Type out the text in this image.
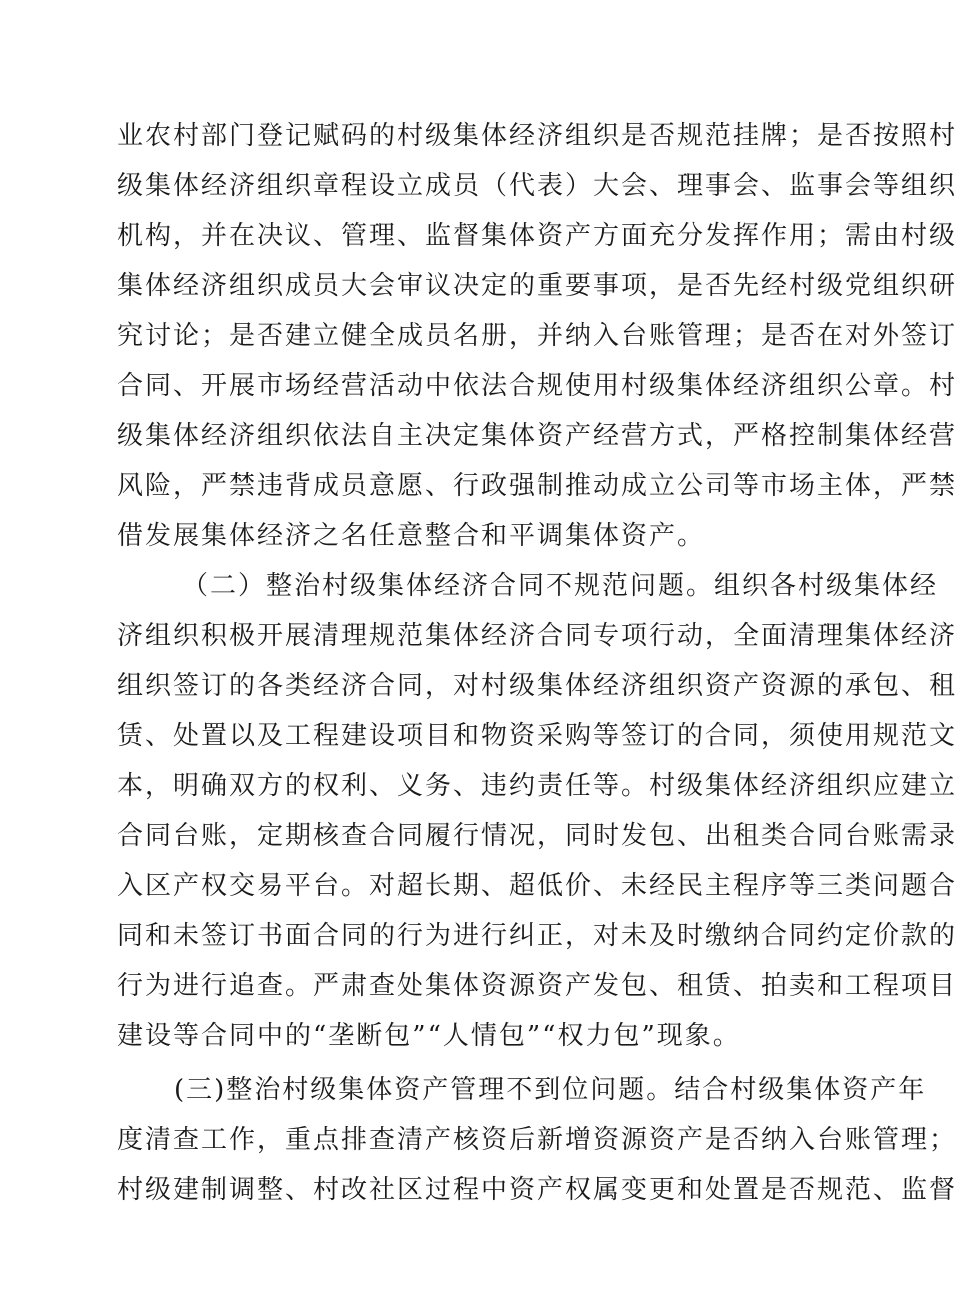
业农村部门登记赋码的村级集体经济组织是否规范挂牌；是否按照村
级集体经济组织章程设立成员（代表）大会、理事会、监事会等组织
机构，并在决议、管理、监督集体资产方面充分发挥作用；需由村级
集体经济组织成员大会审议决定的重要事项，是否先经村级党组织研
究讨论；是否建立健全成员名册，并纳入台账管理；是否在对外签订
合同、开展市场经营活动中依法合规使用村级集体经济组织公章。村
级集体经济组织依法自主决定集体资产经营方式，严格控制集体经营
风险，严禁违背成员意愿、行政强制推动成立公司等市场主体，严禁
借发展集体经济之名任意整合和平调集体资产。
（二）整治村级集体经济合同不规范问题。组织各村级集体经
济组织积极开展清理规范集体经济合同专项行动，全面清理集体经济
组织签订的各类经济合同，对村级集体经济组织资产资源的承包、租
赁、处置以及工程建设项目和物资采购等签订的合同，须使用规范文
本，明确双方的权利、义务、违约责任等。村级集体经济组织应建立
合同台账，定期核查合同履行情况，同时发包、出租类合同台账需录
入区产权交易平台。对超长期、超低价、未经民主程序等三类问题合
同和未签订书面合同的行为进行纠正，对未及时缴纳合同约定价款的
行为进行追查。严肃查处集体资源资产发包、租赁、拍卖和工程项目
建设等合同中的“垄断包”“人情包”“权力包”现象。
(三)整治村级集体资产管理不到位问题。结合村级集体资产年
度清查工作，重点排查清产核资后新增资源资产是否纳入台账管理；
村级建制调整、村改社区过程中资产权属变更和处置是否规范、监督
